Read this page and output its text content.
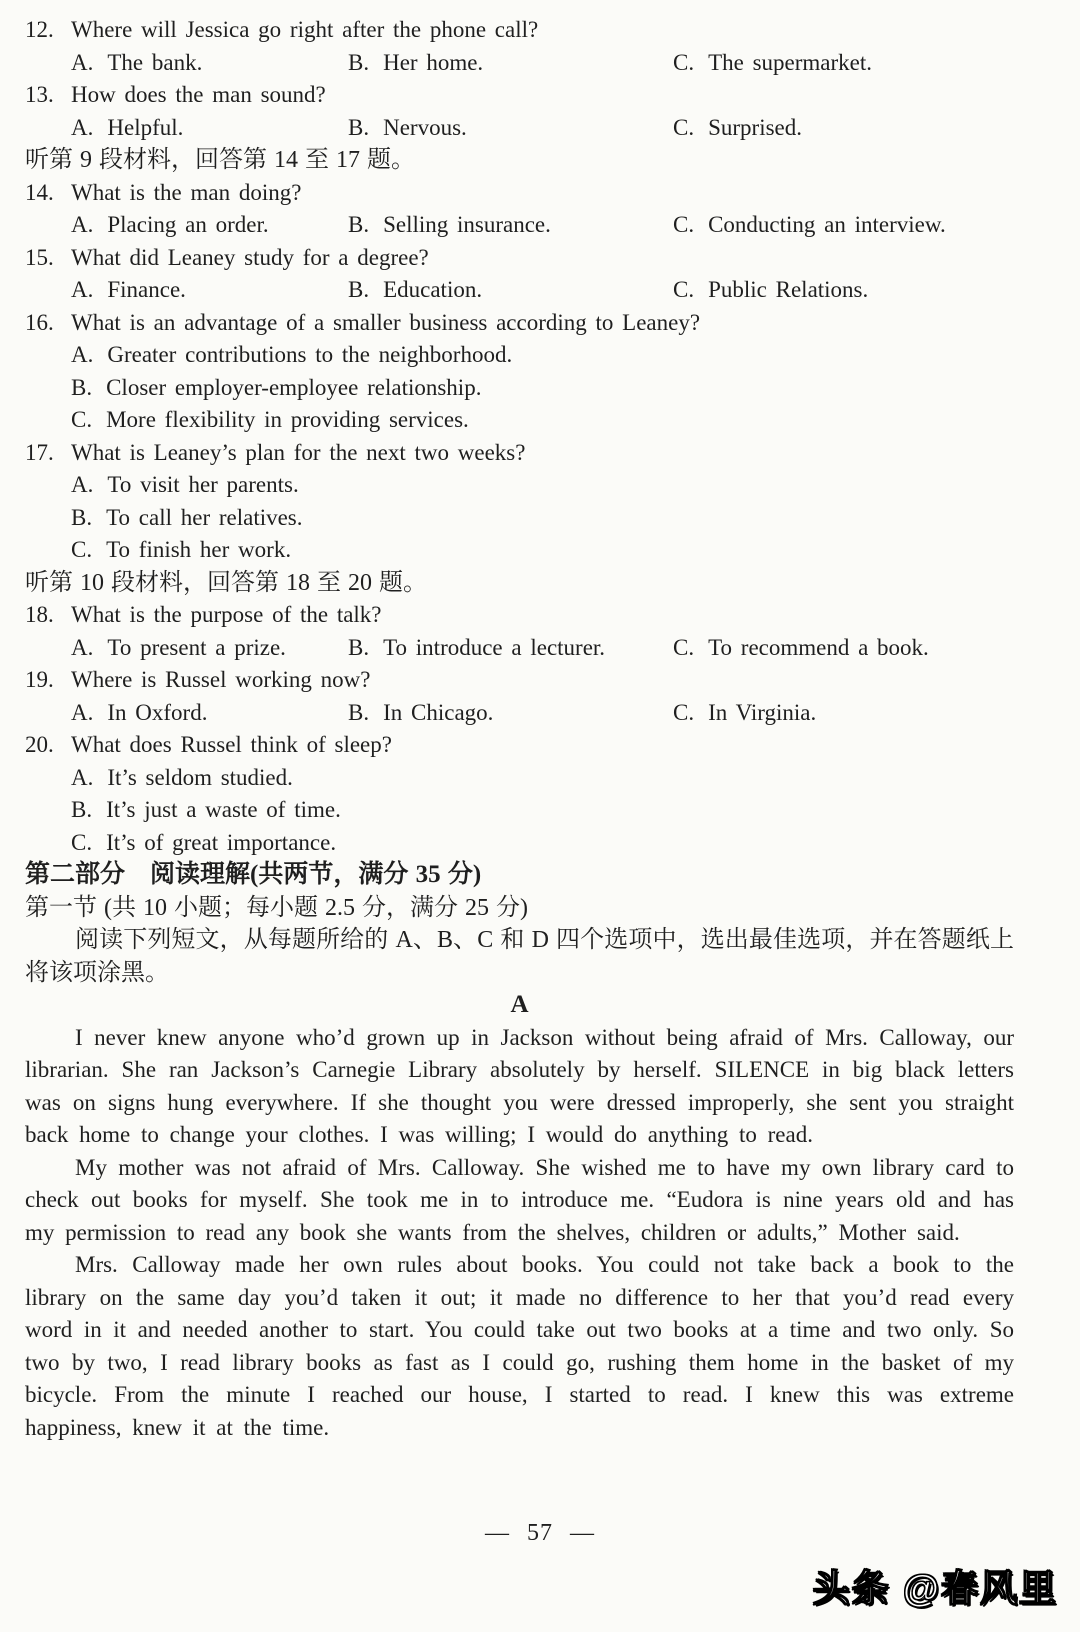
12. Where will Jessica go right after the phone call?
A. The bank.	B. Her home.	C. The supermarket.
13. How does the man sound?
A. Helpful.	B. Nervous.	C. Surprised.
听第 9 段材料，回答第 14 至 17 题。
14. What is the man doing?
A. Placing an order.	B. Selling insurance.	C. Conducting an interview.
15. What did Leaney study for a degree?
A. Finance.	B. Education.	C. Public Relations.
16. What is an advantage of a smaller business according to Leaney?
A. Greater contributions to the neighborhood.
B. Closer employer-employee relationship.
C. More flexibility in providing services.
17. What is Leaney’s plan for the next two weeks?
A. To visit her parents.
B. To call her relatives.
C. To finish her work.
听第 10 段材料，回答第 18 至 20 题。
18. What is the purpose of the talk?
A. To present a prize.	B. To introduce a lecturer.	C. To recommend a book.
19. Where is Russel working now?
A. In Oxford.	B. In Chicago.	C. In Virginia.
20. What does Russel think of sleep?
A. It’s seldom studied.
B. It’s just a waste of time.
C. It’s of great importance.
第二部分　阅读理解(共两节，满分 35 分)
第一节 (共 10 小题；每小题 2.5 分，满分 25 分)
阅读下列短文，从每题所给的 A、B、C 和 D 四个选项中，选出最佳选项，并在答题纸上将该项涂黑。
A
I never knew anyone who’d grown up in Jackson without being afraid of Mrs. Calloway, our librarian. She ran Jackson’s Carnegie Library absolutely by herself. SILENCE in big black letters was on signs hung everywhere. If she thought you were dressed improperly, she sent you straight back home to change your clothes. I was willing; I would do anything to read.
My mother was not afraid of Mrs. Calloway. She wished me to have my own library card to check out books for myself. She took me in to introduce me. “Eudora is nine years old and has my permission to read any book she wants from the shelves, children or adults,” Mother said.
Mrs. Calloway made her own rules about books. You could not take back a book to the library on the same day you’d taken it out; it made no difference to her that you’d read every word in it and needed another to start. You could take out two books at a time and two only. So two by two, I read library books as fast as I could go, rushing them home in the basket of my bicycle. From the minute I reached our house, I started to read. I knew this was extreme happiness, knew it at the time.
— 57 —
头条 @春风里
